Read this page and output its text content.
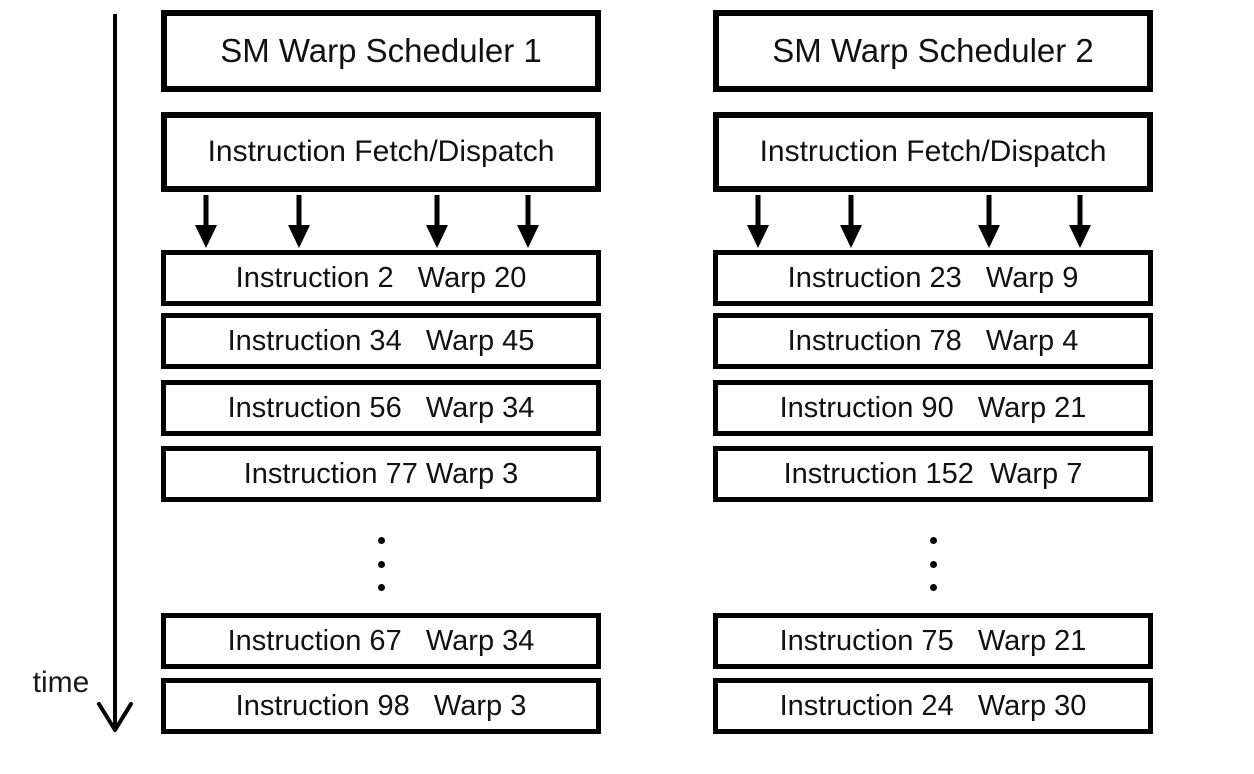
time
SM Warp Scheduler 1
Instruction Fetch/Dispatch
Instruction 2   Warp 20
Instruction 34   Warp 45
Instruction 56   Warp 34
Instruction 77 Warp 3
Instruction 67   Warp 34
Instruction 98   Warp 3
SM Warp Scheduler 2
Instruction Fetch/Dispatch
Instruction 23   Warp 9
Instruction 78   Warp 4
Instruction 90   Warp 21
Instruction 152  Warp 7
Instruction 75   Warp 21
Instruction 24   Warp 30
